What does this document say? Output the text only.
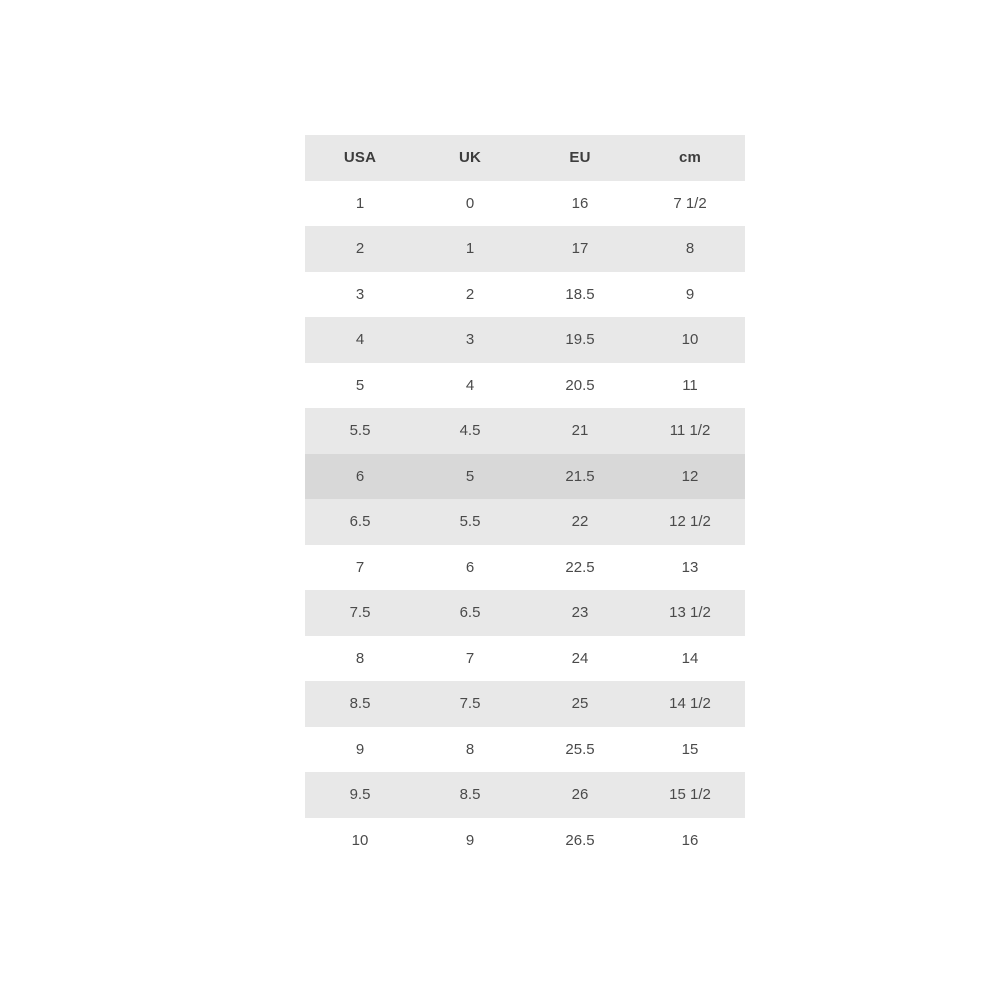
USA	UK	EU	cm
1	0	16	7 1/2
2	1	17	8
3	2	18.5	9
4	3	19.5	10
5	4	20.5	11
5.5	4.5	21	11 1/2
6	5	21.5	12
6.5	5.5	22	12 1/2
7	6	22.5	13
7.5	6.5	23	13 1/2
8	7	24	14
8.5	7.5	25	14 1/2
9	8	25.5	15
9.5	8.5	26	15 1/2
10	9	26.5	16
